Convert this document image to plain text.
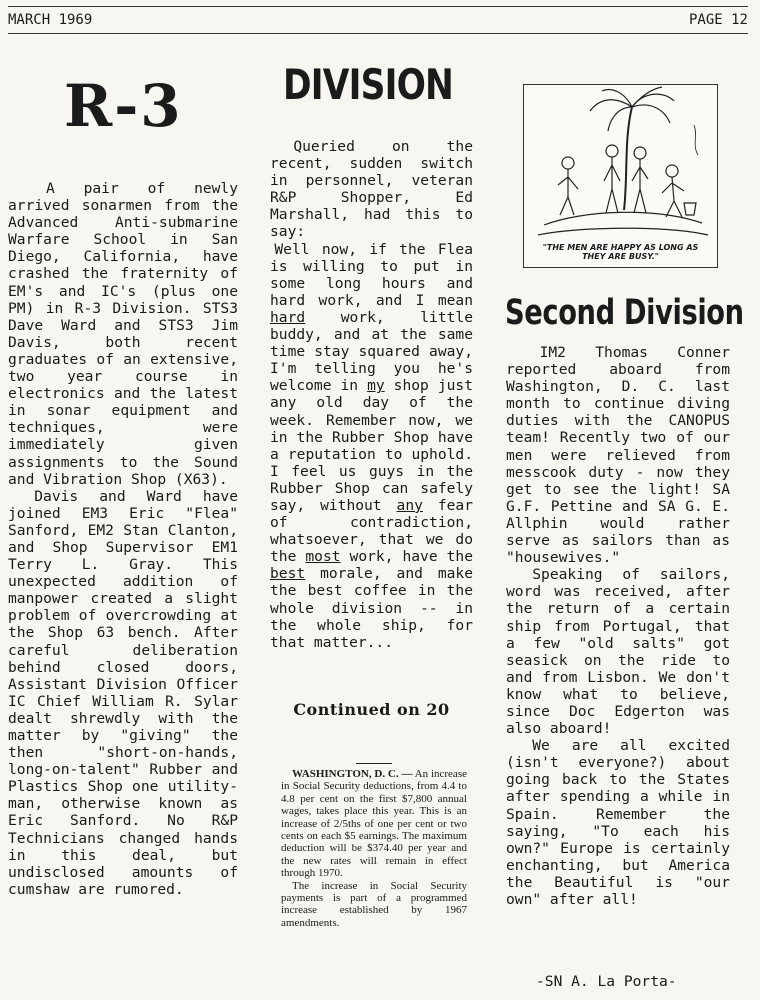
MARCH 1969	PAGE 12
R-3 DIVISION

A pair of newly arrived sonarmen from the Advanced Anti-submarine Warfare School in San Diego, California, have crashed the fraternity of EM's and IC's (plus one PM) in R-3 Division. STS3 Dave Ward and STS3 Jim Davis, both recent graduates of an extensive, two year course in electronics and the latest in sonar equipment and techniques, were immediately given assignments to the Sound and Vibration Shop (X63).

Davis and Ward have joined EM3 Eric "Flea" Sanford, EM2 Stan Clanton, and Shop Supervisor EM1 Terry L. Gray. This unexpected addition of manpower created a slight problem of overcrowding at the Shop 63 bench. After careful deliberation behind closed doors, Assistant Division Officer IC Chief William R. Sylar dealt shrewdly with the matter by "giving" the then "short-on-hands, long-on-talent" Rubber and Plastics Shop one utility-man, otherwise known as Eric Sanford. No R&P Technicians changed hands in this deal, but undisclosed amounts of cumshaw are rumored.

Queried on the recent, sudden switch in personnel, veteran R&P Shopper, Ed Marshall, had this to say:

Well now, if the Flea is willing to put in some long hours and hard work, and I mean hard work, little buddy, and at the same time stay squared away, I'm telling you he's welcome in my shop just any old day of the week. Remember now, we in the Rubber Shop have a reputation to uphold. I feel us guys in the Rubber Shop can safely say, without any fear of contradiction, whatsoever, that we do the most work, have the best morale, and make the best coffee in the whole division -- in the whole ship, for that matter...

Continued on 20

WASHINGTON, D. C. — An increase in Social Security deductions, from 4.4 to 4.8 per cent on the first $7,800 annual wages, takes place this year. This is an increase of 2/5ths of one per cent or two cents on each $5 earnings. The maximum deduction will be $374.40 per year and the new rates will remain in effect through 1970.

The increase in Social Security payments is part of a programmed increase established by 1967 amendments.

"THE MEN ARE HAPPY AS LONG AS THEY ARE BUSY."
Second Division

IM2 Thomas Conner reported aboard from Washington, D. C. last month to continue diving duties with the CANOPUS team! Recently two of our men were relieved from messcook duty - now they get to see the light! SA G.F. Pettine and SA G. E. Allphin would rather serve as sailors than as "housewives."

Speaking of sailors, word was received, after the return of a certain ship from Portugal, that a few "old salts" got seasick on the ride to and from Lisbon. We don't know what to believe, since Doc Edgerton was also aboard!

We are all excited (isn't everyone?) about going back to the States after spending a while in Spain. Remember the saying, "To each his own?" Europe is certainly enchanting, but America the Beautiful is "our own" after all!

-SN A. La Porta-
